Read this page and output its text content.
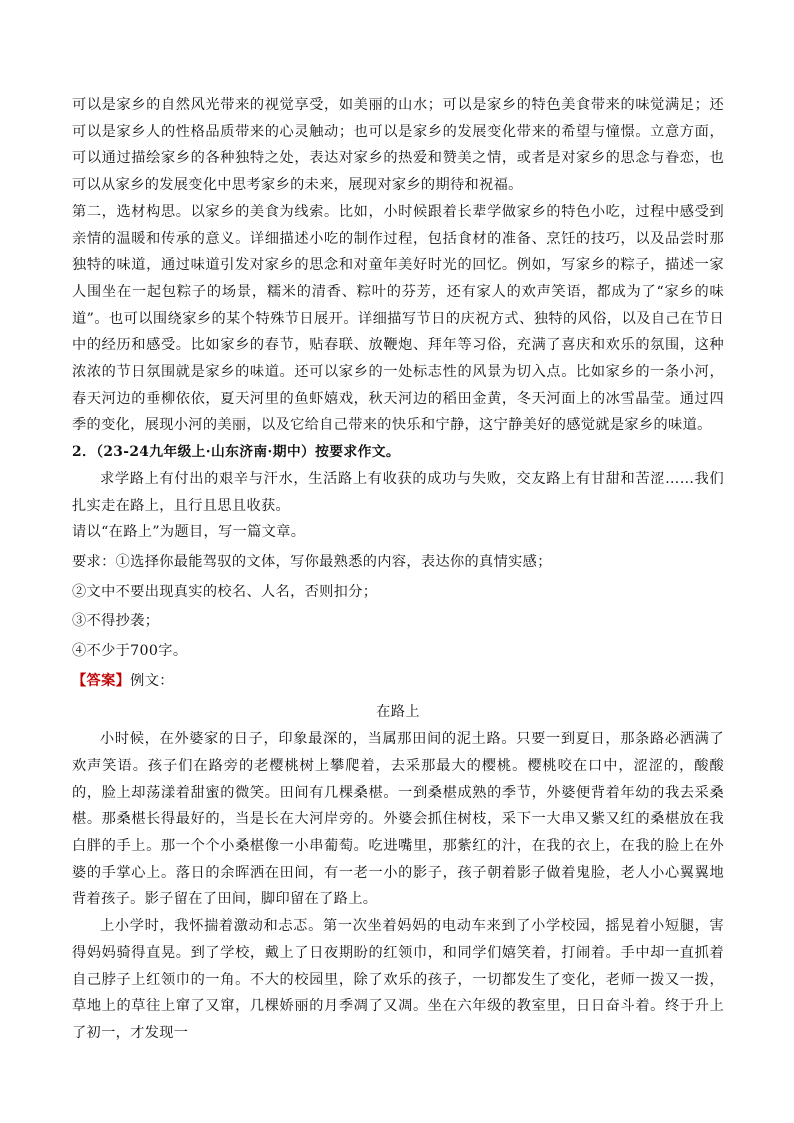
可以是家乡的自然风光带来的视觉享受，如美丽的山水；可以是家乡的特色美食带来的味觉满足；还可以是家乡人的性格品质带来的心灵触动；也可以是家乡的发展变化带来的希望与憧憬。立意方面，可以通过描绘家乡的各种独特之处，表达对家乡的热爱和赞美之情，或者是对家乡的思念与眷恋，也可以从家乡的发展变化中思考家乡的未来，展现对家乡的期待和祝福。

第二，选材构思。以家乡的美食为线索。比如，小时候跟着长辈学做家乡的特色小吃，过程中感受到亲情的温暖和传承的意义。详细描述小吃的制作过程，包括食材的准备、烹饪的技巧，以及品尝时那独特的味道，通过味道引发对家乡的思念和对童年美好时光的回忆。例如，写家乡的粽子，描述一家人围坐在一起包粽子的场景，糯米的清香、粽叶的芬芳，还有家人的欢声笑语，都成为了“家乡的味道”。也可以围绕家乡的某个特殊节日展开。详细描写节日的庆祝方式、独特的风俗，以及自己在节日中的经历和感受。比如家乡的春节，贴春联、放鞭炮、拜年等习俗，充满了喜庆和欢乐的氛围，这种浓浓的节日氛围就是家乡的味道。还可以家乡的一处标志性的风景为切入点。比如家乡的一条小河，春天河边的垂柳依依，夏天河里的鱼虾嬉戏，秋天河边的稻田金黄，冬天河面上的冰雪晶莹。通过四季的变化，展现小河的美丽，以及它给自己带来的快乐和宁静，这宁静美好的感觉就是家乡的味道。

2．（23-24九年级上·山东济南·期中）按要求作文。

求学路上有付出的艰辛与汗水，生活路上有收获的成功与失败，交友路上有甘甜和苦涩……我们扎实走在路上，且行且思且收获。

请以“在路上”为题目，写一篇文章。

要求：①选择你最能驾驭的文体，写你最熟悉的内容，表达你的真情实感；

②文中不要出现真实的校名、人名，否则扣分；

③不得抄袭；

④不少于700字。

【答案】例文：

在路上

小时候，在外婆家的日子，印象最深的，当属那田间的泥土路。只要一到夏日，那条路必洒满了欢声笑语。孩子们在路旁的老樱桃树上攀爬着，去采那最大的樱桃。樱桃咬在口中，涩涩的，酸酸的，脸上却荡漾着甜蜜的微笑。田间有几棵桑椹。一到桑椹成熟的季节，外婆便背着年幼的我去采桑椹。那桑椹长得最好的，当是长在大河岸旁的。外婆会抓住树枝，采下一大串又紫又红的桑椹放在我白胖的手上。那一个个小桑椹像一小串葡萄。吃进嘴里，那紫红的汁，在我的衣上，在我的脸上在外婆的手掌心上。落日的余晖洒在田间，有一老一小的影子，孩子朝着影子做着鬼脸，老人小心翼翼地背着孩子。影子留在了田间，脚印留在了路上。

上小学时，我怀揣着激动和忐忑。第一次坐着妈妈的电动车来到了小学校园，摇晃着小短腿，害得妈妈骑得直晃。到了学校，戴上了日夜期盼的红领巾，和同学们嬉笑着，打闹着。手中却一直抓着自己脖子上红领巾的一角。不大的校园里，除了欢乐的孩子，一切都发生了变化，老师一拨又一拨，草地上的草往上窜了又窜，几棵娇丽的月季凋了又凋。坐在六年级的教室里，日日奋斗着。终于升上了初一，才发现一
